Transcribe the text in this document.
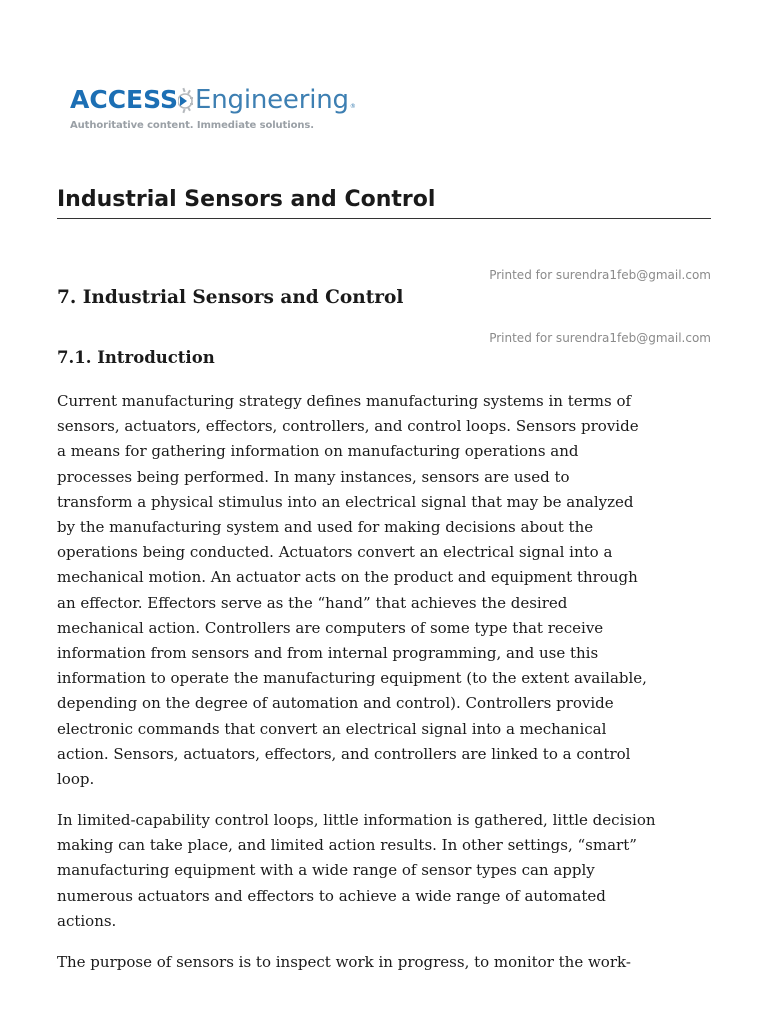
ACCESS Engineering ®
Authoritative content. Immediate solutions.
Industrial Sensors and Control
Printed for surendra1feb@gmail.com
7. Industrial Sensors and Control
Printed for surendra1feb@gmail.com
7.1. Introduction

Current manufacturing strategy defines manufacturing systems in terms of
sensors, actuators, effectors, controllers, and control loops. Sensors provide
a means for gathering information on manufacturing operations and
processes being performed. In many instances, sensors are used to
transform a physical stimulus into an electrical signal that may be analyzed
by the manufacturing system and used for making decisions about the
operations being conducted. Actuators convert an electrical signal into a
mechanical motion. An actuator acts on the product and equipment through
an effector. Effectors serve as the “hand” that achieves the desired
mechanical action. Controllers are computers of some type that receive
information from sensors and from internal programming, and use this
information to operate the manufacturing equipment (to the extent available,
depending on the degree of automation and control). Controllers provide
electronic commands that convert an electrical signal into a mechanical
action. Sensors, actuators, effectors, and controllers are linked to a control
loop.

In limited-capability control loops, little information is gathered, little decision
making can take place, and limited action results. In other settings, “smart”
manufacturing equipment with a wide range of sensor types can apply
numerous actuators and effectors to achieve a wide range of automated
actions.

The purpose of sensors is to inspect work in progress, to monitor the work-
